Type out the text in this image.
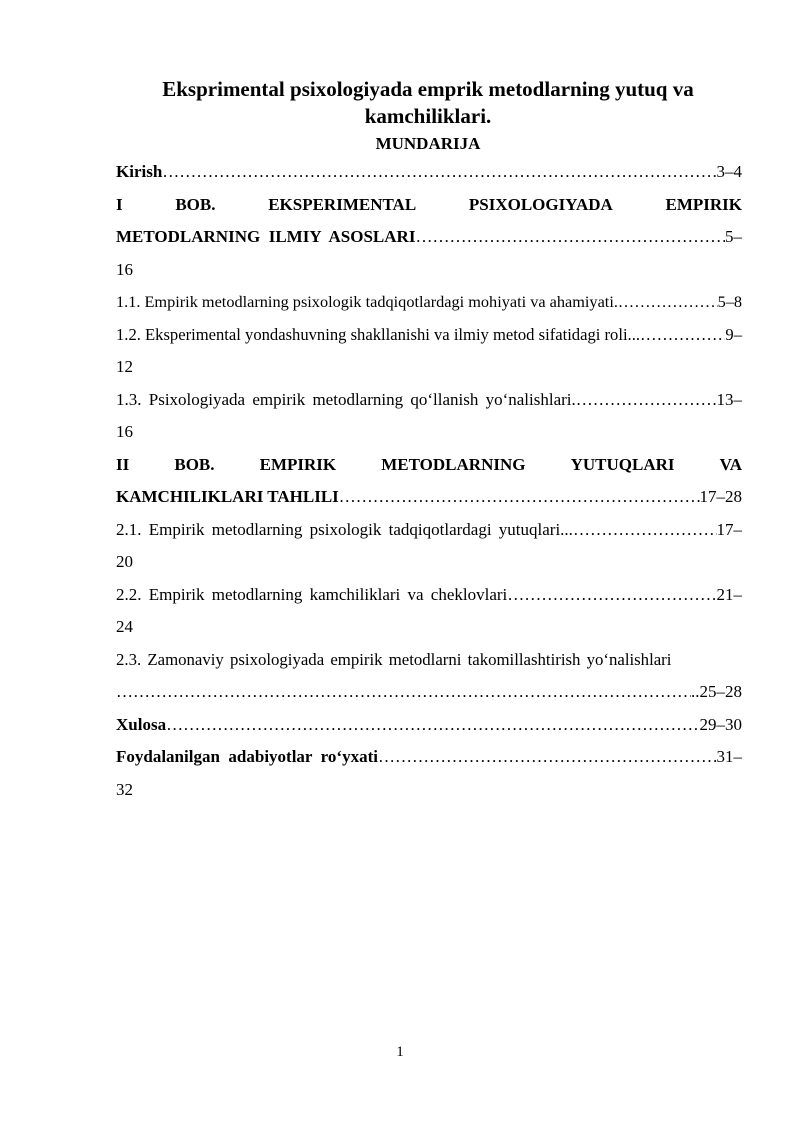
Eksprimental psixologiyada emprik metodlarning yutuq va kamchiliklari.
MUNDARIJA
Kirish …………………………………………………………………………………………………………………………………………………………………………………………	3–4
I	BOB.	EKSPERIMENTAL	PSIXOLOGIYADA	EMPIRIK
METODLARNING  ILMIY  ASOSLARI …………………………………………………………………………………………………………………………………………………………………………………………	5–
16
1.1. Empirik metodlarning psixologik tadqiqotlardagi mohiyati va ahamiyati. …………………………………………………………………………………………………………………………………………………………………………………………	5–8
1.2. Eksperimental yondashuvning shakllanishi va ilmiy metod sifatidagi roli... …………………………………………………………………………………………………………………………………………………………………………………………	9–
12
1.3. Psixologiyada empirik metodlarning qo‘llanish yo‘nalishlari. …………………………………………………………………………………………………………………………………………………………………………………………	13–
16
II	BOB.	EMPIRIK	METODLARNING	YUTUQLARI	VA
KAMCHILIKLARI TAHLILI …………………………………………………………………………………………………………………………………………………………………………………………	17–28
2.1. Empirik metodlarning psixologik tadqiqotlardagi yutuqlari... …………………………………………………………………………………………………………………………………………………………………………………………	17–
20
2.2. Empirik metodlarning kamchiliklari va cheklovlari …………………………………………………………………………………………………………………………………………………………………………………………	21–
24
2.3. Zamonaviy psixologiyada empirik metodlarni takomillashtirish yo‘nalishlari
…………………………………………………………………………………………………………………………………………………………………………………………
..25–28
Xulosa …………………………………………………………………………………………………………………………………………………………………………………………	29–30
Foydalanilgan  adabiyotlar  ro‘yxati …………………………………………………………………………………………………………………………………………………………………………………………	31–
32
1
